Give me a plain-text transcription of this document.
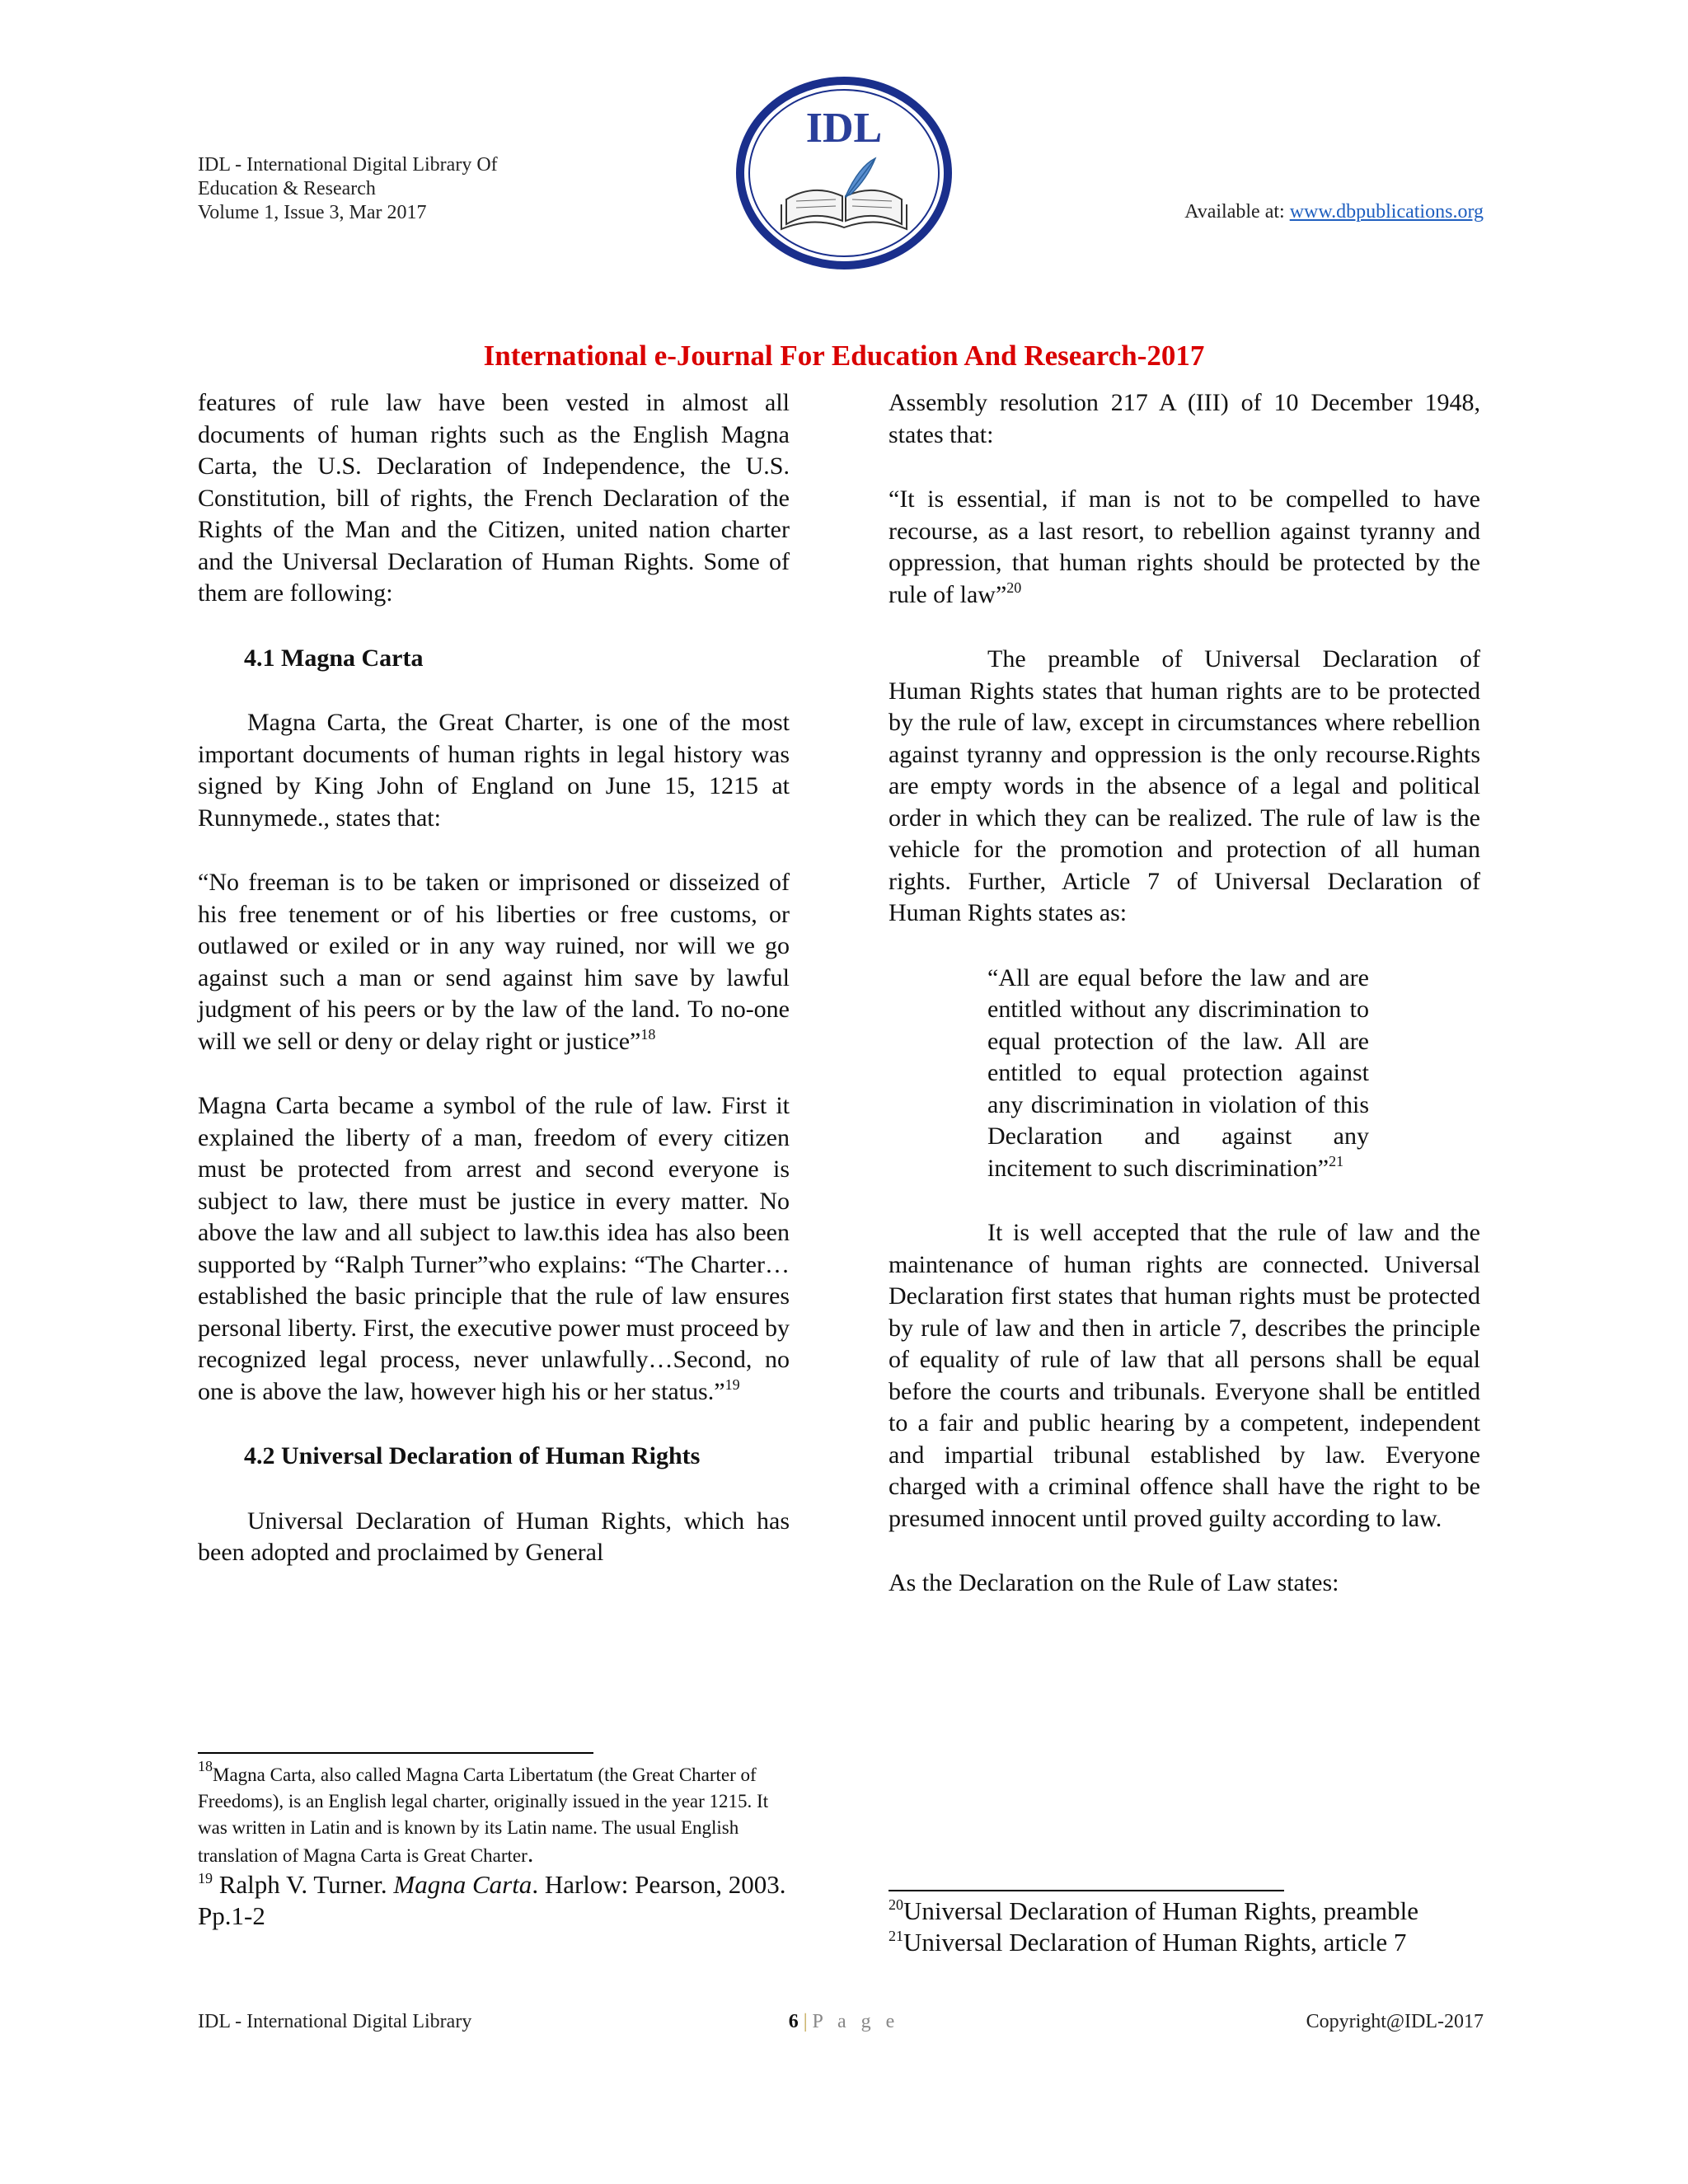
IDL - International Digital Library Of
Education & Research
Volume 1, Issue 3, Mar 2017
IDL
Available at: www.dbpublications.org
International e-Journal For Education And Research-2017

features of rule law have been vested in almost all documents of human rights such as the English Magna Carta, the U.S. Declaration of Independence, the U.S. Constitution, bill of rights, the French Declaration of the Rights of the Man and the Citizen, united nation charter and the Universal Declaration of Human Rights. Some of them are following:

4.1 Magna Carta

Magna Carta, the Great Charter, is one of the most important documents of human rights in legal history was signed by King John of England on June 15, 1215 at Runnymede., states that:

“No freeman is to be taken or imprisoned or disseized of his free tenement or of his liberties or free customs, or outlawed or exiled or in any way ruined, nor will we go against such a man or send against him save by lawful judgment of his peers or by the law of the land. To no-one will we sell or deny or delay right or justice”$^{18}$

Magna Carta became a symbol of the rule of law. First it explained the liberty of a man, freedom of every citizen must be protected from arrest and second everyone is subject to law, there must be justice in every matter. No above the law and all subject to law.this idea has also been supported by “Ralph Turner”who explains: “The Charter…established the basic principle that the rule of law ensures personal liberty. First, the executive power must proceed by recognized legal process, never unlawfully…Second, no one is above the law, however high his or her status.”$^{19}$

4.2 Universal Declaration of Human Rights

Universal Declaration of Human Rights, which has been adopted and proclaimed by General

Assembly resolution 217 A (III) of 10 December 1948, states that:

“It is essential, if man is not to be compelled to have recourse, as a last resort, to rebellion against tyranny and oppression, that human rights should be protected by the rule of law”$^{20}$

The preamble of Universal Declaration of Human Rights states that human rights are to be protected by the rule of law, except in circumstances where rebellion against tyranny and oppression is the only recourse.Rights are empty words in the absence of a legal and political order in which they can be realized. The rule of law is the vehicle for the promotion and protection of all human rights. Further, Article 7 of Universal Declaration of Human Rights states as:

“All are equal before the law and are entitled without any discrimination to equal protection of the law. All are entitled to equal protection against any discrimination in violation of this Declaration and against any incitement to such discrimination”$^{21}$

It is well accepted that the rule of law and the maintenance of human rights are connected. Universal Declaration first states that human rights must be protected by rule of law and then in article 7, describes the principle of equality of rule of law that all persons shall be equal before the courts and tribunals. Everyone shall be entitled to a fair and public hearing by a competent, independent and impartial tribunal established by law. Everyone charged with a criminal offence shall have the right to be presumed innocent until proved guilty according to law.

As the Declaration on the Rule of Law states:

$^{18}$Magna Carta, also called Magna Carta Libertatum (the Great Charter of Freedoms), is an English legal charter, originally issued in the year 1215. It was written in Latin and is known by its Latin name. The usual English translation of Magna Carta is Great Charter.
$^{19}$ Ralph V. Turner. Magna Carta. Harlow: Pearson, 2003. Pp.1-2	$^{20}$Universal Declaration of Human Rights, preamble
$^{21}$Universal Declaration of Human Rights, article 7
IDL - International Digital Library	6 | P a g e	Copyright@IDL-2017
